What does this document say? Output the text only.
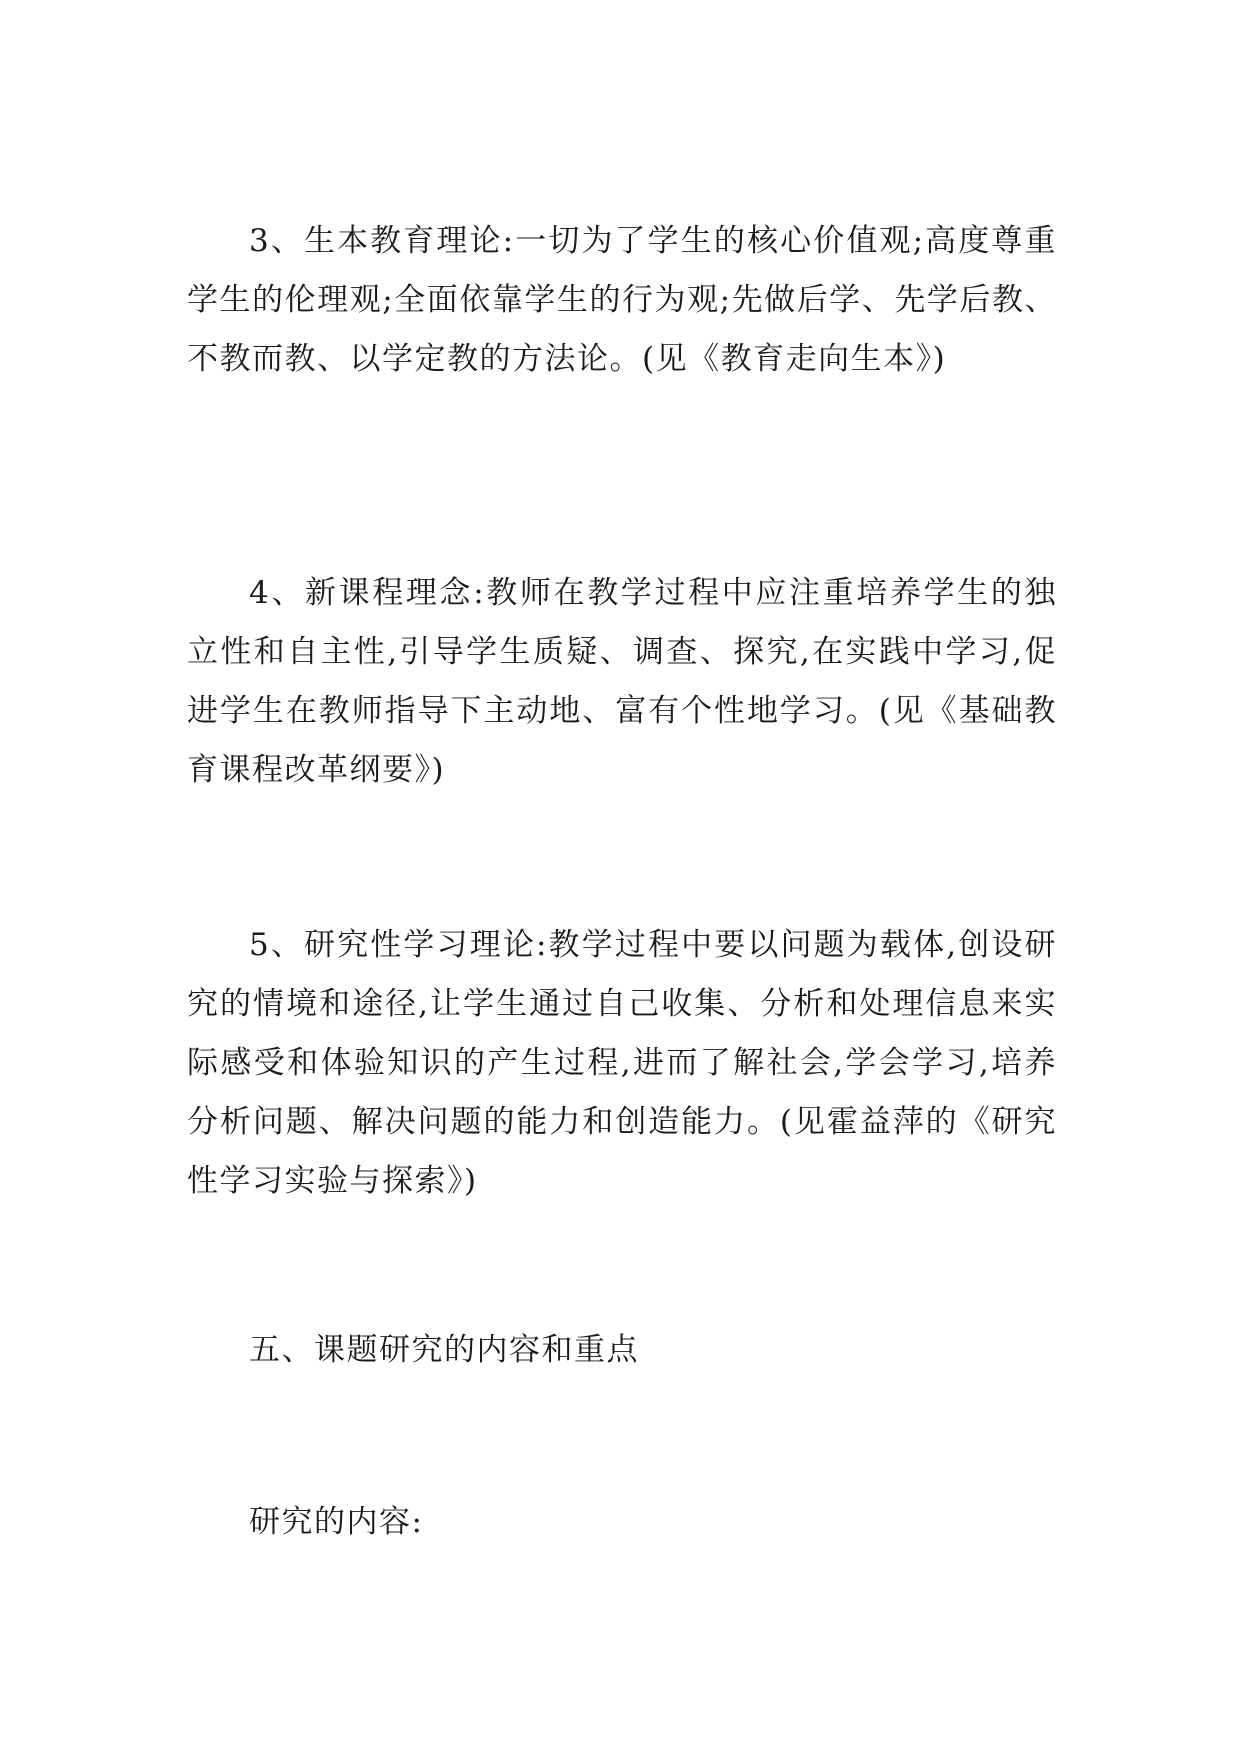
3、生本教育理论:一切为了学生的核心价值观;高度尊重学生的伦理观;全面依靠学生的行为观;先做后学、先学后教、不教而教、以学定教的方法论。(见《教育走向生本》)

4、新课程理念:教师在教学过程中应注重培养学生的独立性和自主性,引导学生质疑、调查、探究,在实践中学习,促进学生在教师指导下主动地、富有个性地学习。(见《基础教育课程改革纲要》)

5、研究性学习理论:教学过程中要以问题为载体,创设研究的情境和途径,让学生通过自己收集、分析和处理信息来实际感受和体验知识的产生过程,进而了解社会,学会学习,培养分析问题、解决问题的能力和创造能力。(见霍益萍的《研究性学习实验与探索》)

五、课题研究的内容和重点

研究的内容:
